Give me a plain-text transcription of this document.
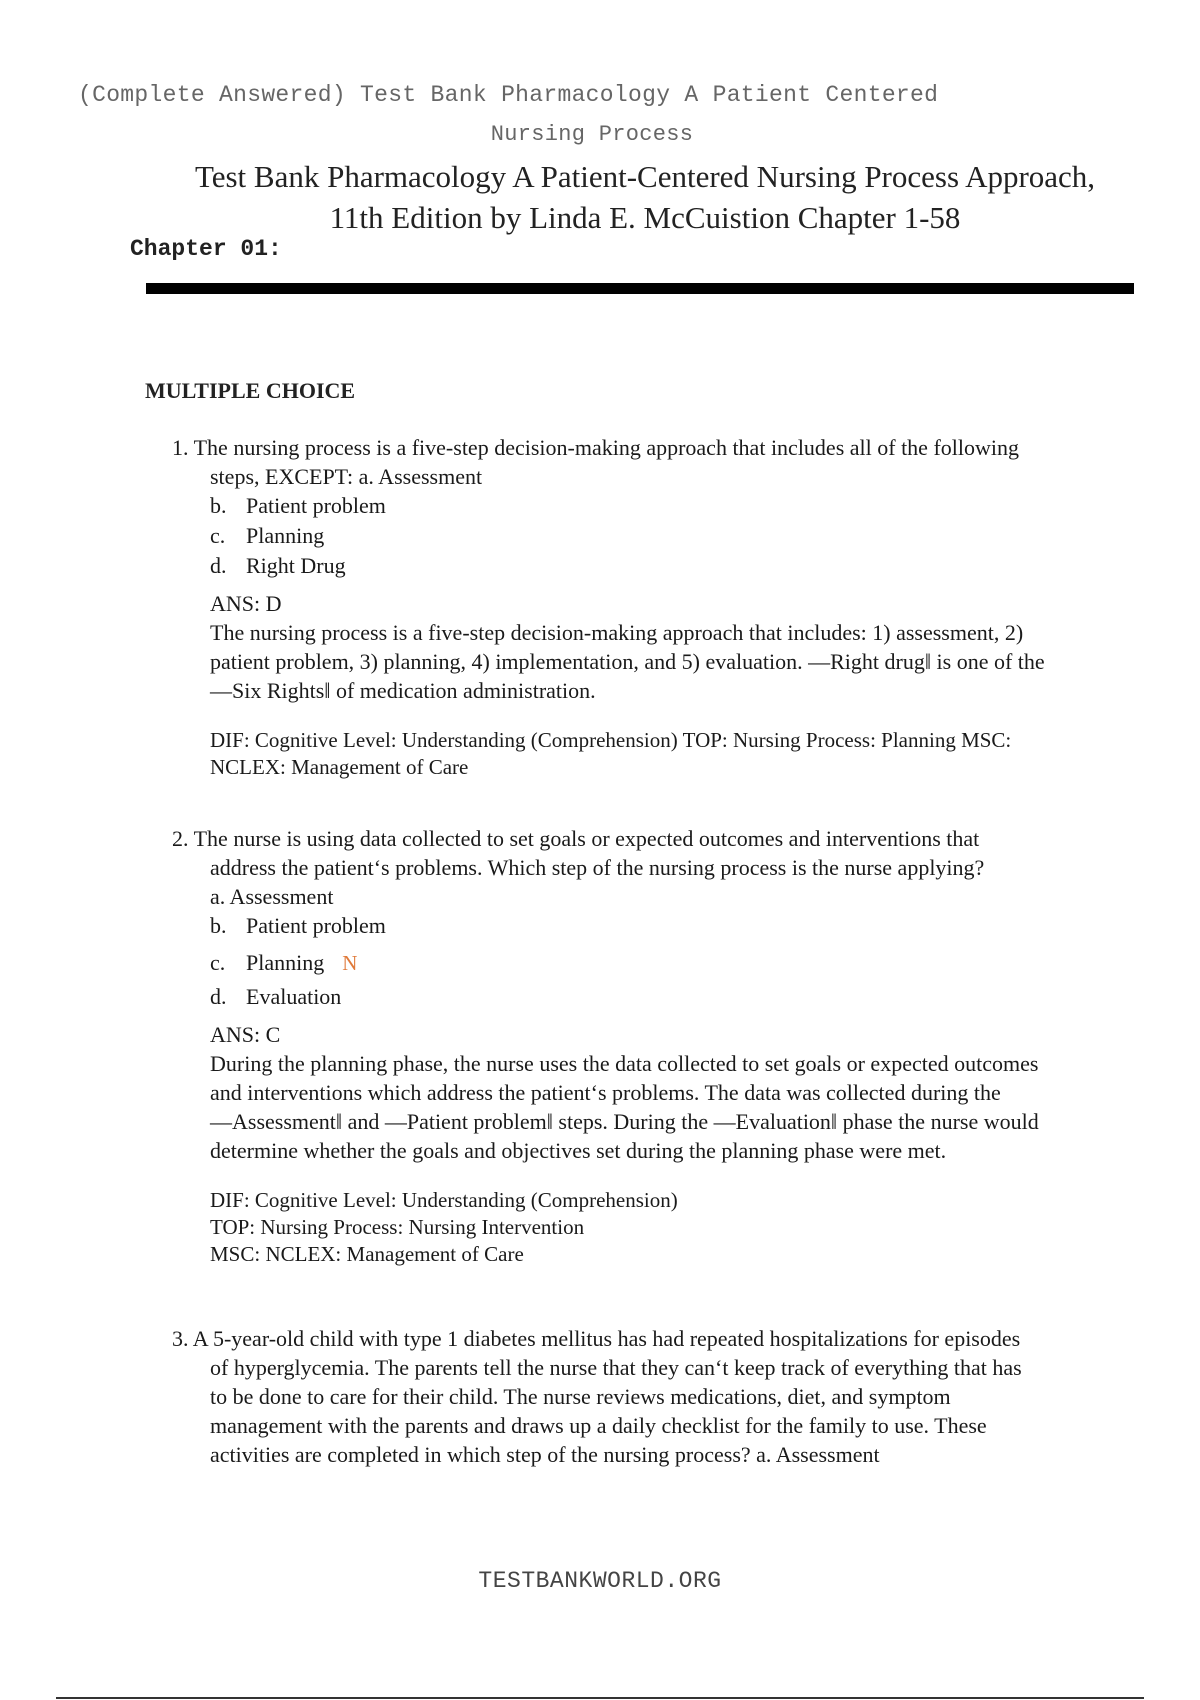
(Complete Answered) Test Bank Pharmacology A Patient Centered
Nursing Process
Test Bank Pharmacology A Patient-Centered Nursing Process Approach,
11th Edition by Linda E. McCuistion Chapter 1-58
Chapter 01:
MULTIPLE CHOICE
1. The nursing process is a five-step decision-making approach that includes all of the following
steps, EXCEPT: a. Assessment
b. Patient problem
c. Planning
d. Right Drug
ANS: D
The nursing process is a five-step decision-making approach that includes: 1) assessment, 2)
patient problem, 3) planning, 4) implementation, and 5) evaluation. —Right drug‖ is one of the
—Six Rights‖ of medication administration.
DIF: Cognitive Level: Understanding (Comprehension) TOP: Nursing Process: Planning MSC:
NCLEX: Management of Care
2. The nurse is using data collected to set goals or expected outcomes and interventions that
address the patient‘s problems. Which step of the nursing process is the nurse applying?
a. Assessment
b. Patient problem
c. Planning N
d. Evaluation
ANS: C
During the planning phase, the nurse uses the data collected to set goals or expected outcomes
and interventions which address the patient‘s problems. The data was collected during the
—Assessment‖ and —Patient problem‖ steps. During the —Evaluation‖ phase the nurse would
determine whether the goals and objectives set during the planning phase were met.
DIF: Cognitive Level: Understanding (Comprehension)
TOP: Nursing Process: Nursing Intervention
MSC: NCLEX: Management of Care
3. A 5-year-old child with type 1 diabetes mellitus has had repeated hospitalizations for episodes
of hyperglycemia. The parents tell the nurse that they can‘t keep track of everything that has
to be done to care for their child. The nurse reviews medications, diet, and symptom
management with the parents and draws up a daily checklist for the family to use. These
activities are completed in which step of the nursing process? a. Assessment
TESTBANKWORLD.ORG
